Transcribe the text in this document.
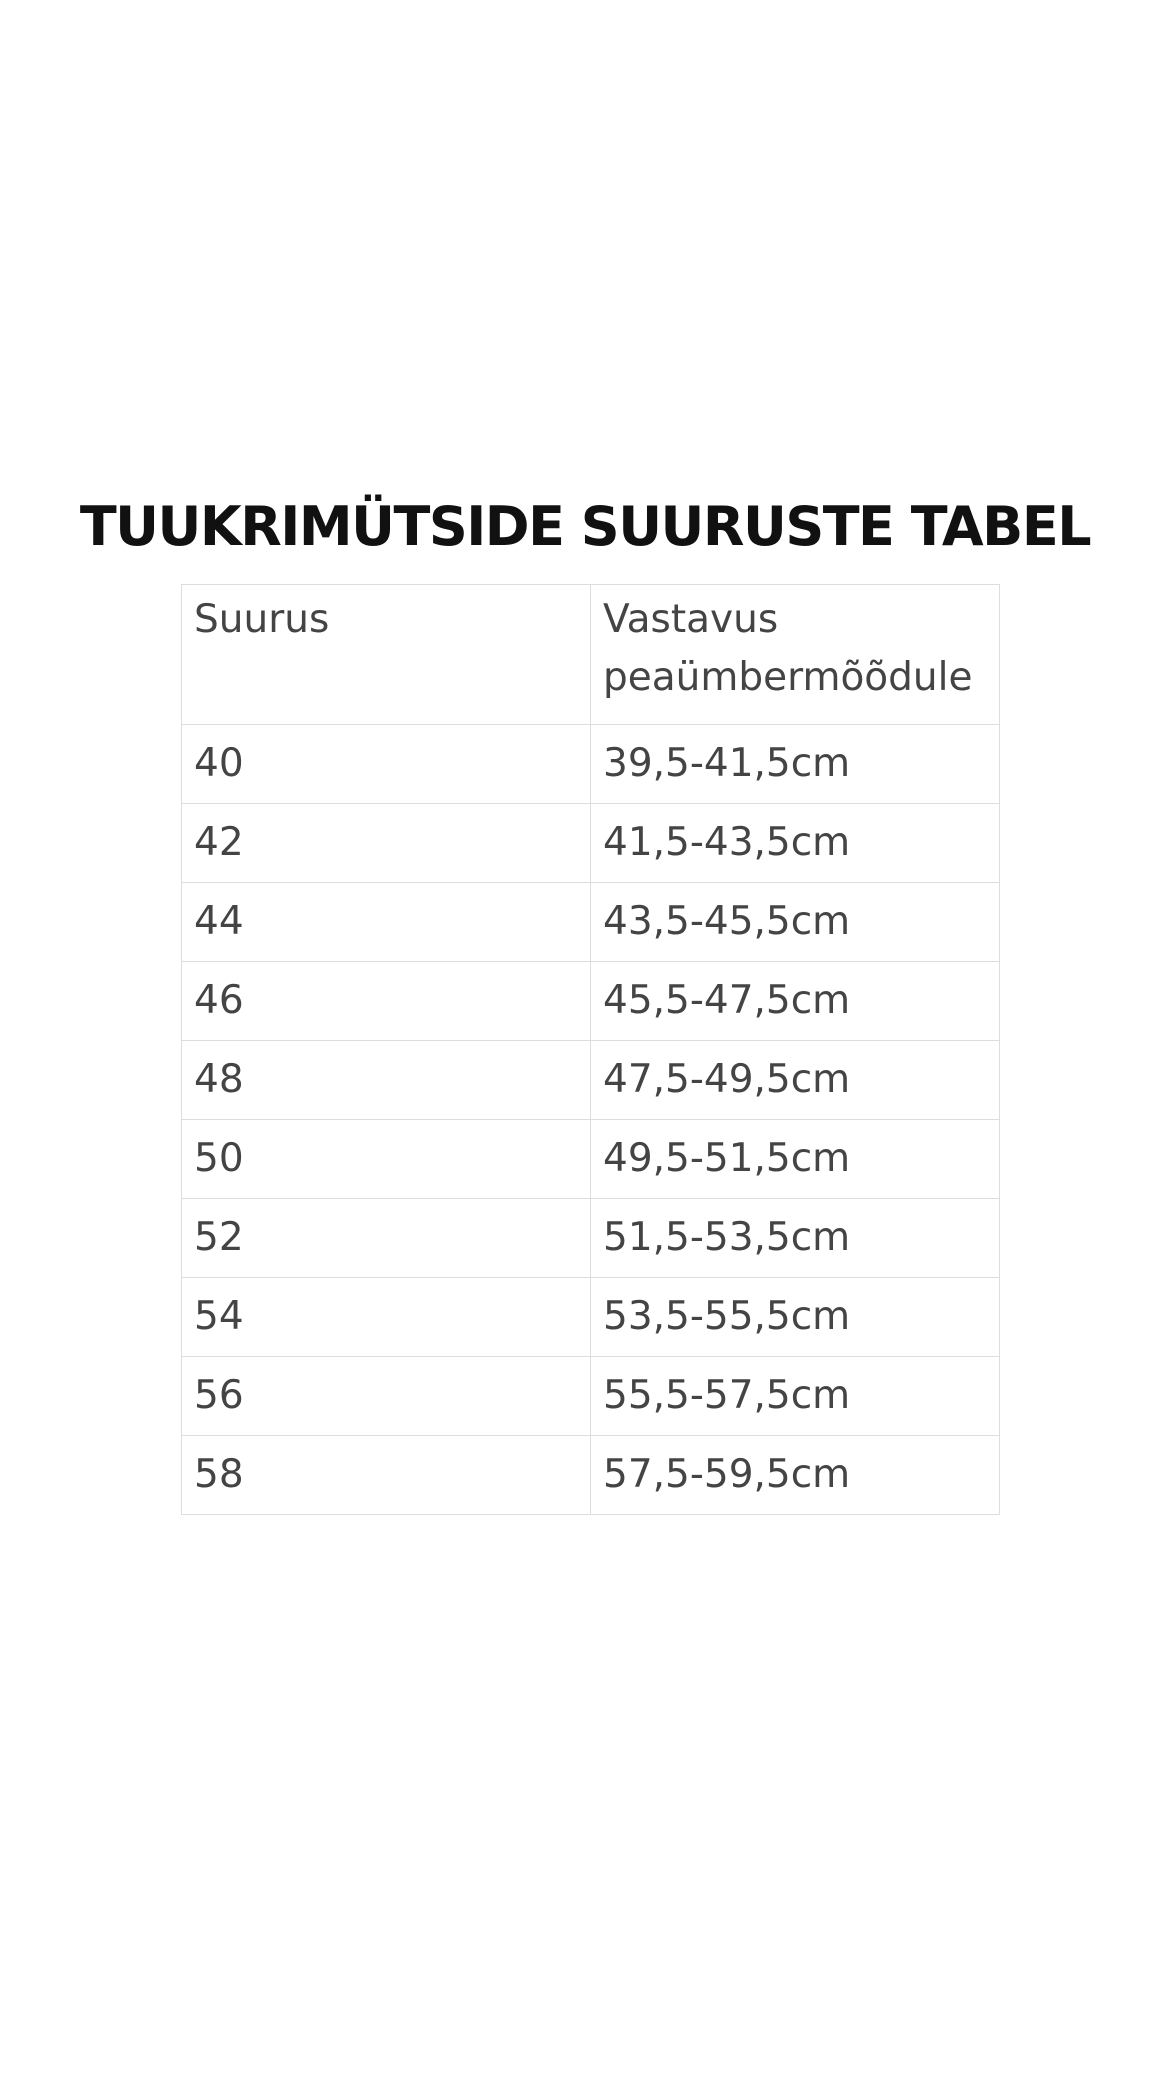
TUUKRIMÜTSIDE SUURUSTE TABEL
Suurus	Vastavus
peaümbermõõdule

40	39,5-41,5cm
42	41,5-43,5cm
44	43,5-45,5cm
46	45,5-47,5cm
48	47,5-49,5cm
50	49,5-51,5cm
52	51,5-53,5cm
54	53,5-55,5cm
56	55,5-57,5cm
58	57,5-59,5cm
